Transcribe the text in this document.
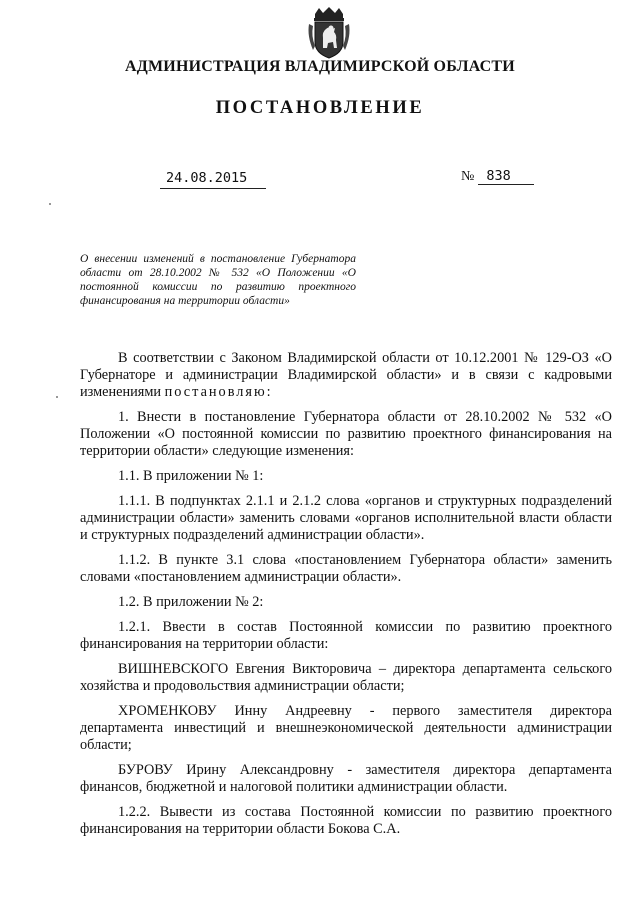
АДМИНИСТРАЦИЯ ВЛАДИМИРСКОЙ ОБЛАСТИ
ПОСТАНОВЛЕНИЕ
24.08.2015	№ 838
О внесении изменений в постановление Губернатора области от 28.10.2002 № 532 «О Положении «О постоянной комиссии по развитию проектного финансирования на территории области»

В соответствии с Законом Владимирской области от 10.12.2001 № 129-ОЗ «О Губернаторе и администрации Владимирской области» и в связи с кадровыми изменениями постановляю:

1. Внести в постановление Губернатора области от 28.10.2002 № 532 «О Положении «О постоянной комиссии по развитию проектного финансирования на территории области» следующие изменения:

1.1. В приложении № 1:

1.1.1. В подпунктах 2.1.1 и 2.1.2 слова «органов и структурных подразделений администрации области» заменить словами «органов исполнительной власти области и структурных подразделений администрации области».

1.1.2. В пункте 3.1 слова «постановлением Губернатора области» заменить словами «постановлением администрации области».

1.2. В приложении № 2:

1.2.1. Ввести в состав Постоянной комиссии по развитию проектного финансирования на территории области:

ВИШНЕВСКОГО Евгения Викторовича – директора департамента сельского хозяйства и продовольствия администрации области;

ХРОМЕНКОВУ Инну Андреевну - первого заместителя директора департамента инвестиций и внешнеэкономической деятельности администрации области;

БУРОВУ Ирину Александровну - заместителя директора департамента финансов, бюджетной и налоговой политики администрации области.

1.2.2. Вывести из состава Постоянной комиссии по развитию проектного финансирования на территории области Бокова С.А.
